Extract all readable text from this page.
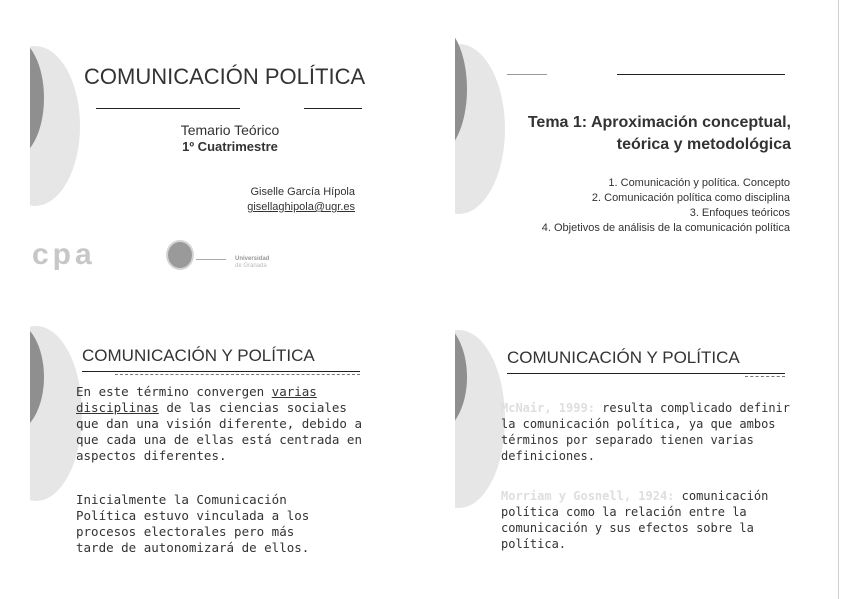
COMUNICACIÓN POLÍTICA
Temario Teórico
1º Cuatrimestre
Giselle García Hípola
gisellaghipola@ugr.es
cpa	Universidad
de Granada
Tema 1: Aproximación conceptual,
teórica y metodológica
1. Comunicación y política. Concepto
2. Comunicación política como disciplina
3. Enfoques teóricos
4. Objetivos de análisis de la comunicación política
COMUNICACIÓN Y POLÍTICA
En este término convergen varias disciplinas de las ciencias sociales que dan una visión diferente, debido a que cada una de ellas está centrada en aspectos diferentes.
Inicialmente la Comunicación Política estuvo vinculada a los procesos electorales pero más tarde de autonomizará de ellos.
COMUNICACIÓN Y POLÍTICA
McNair, 1999: resulta complicado definir la comunicación política, ya que ambos términos por separado tienen varias definiciones.
Morriam y Gosnell, 1924: comunicación política como la relación entre la comunicación y sus efectos sobre la política.
